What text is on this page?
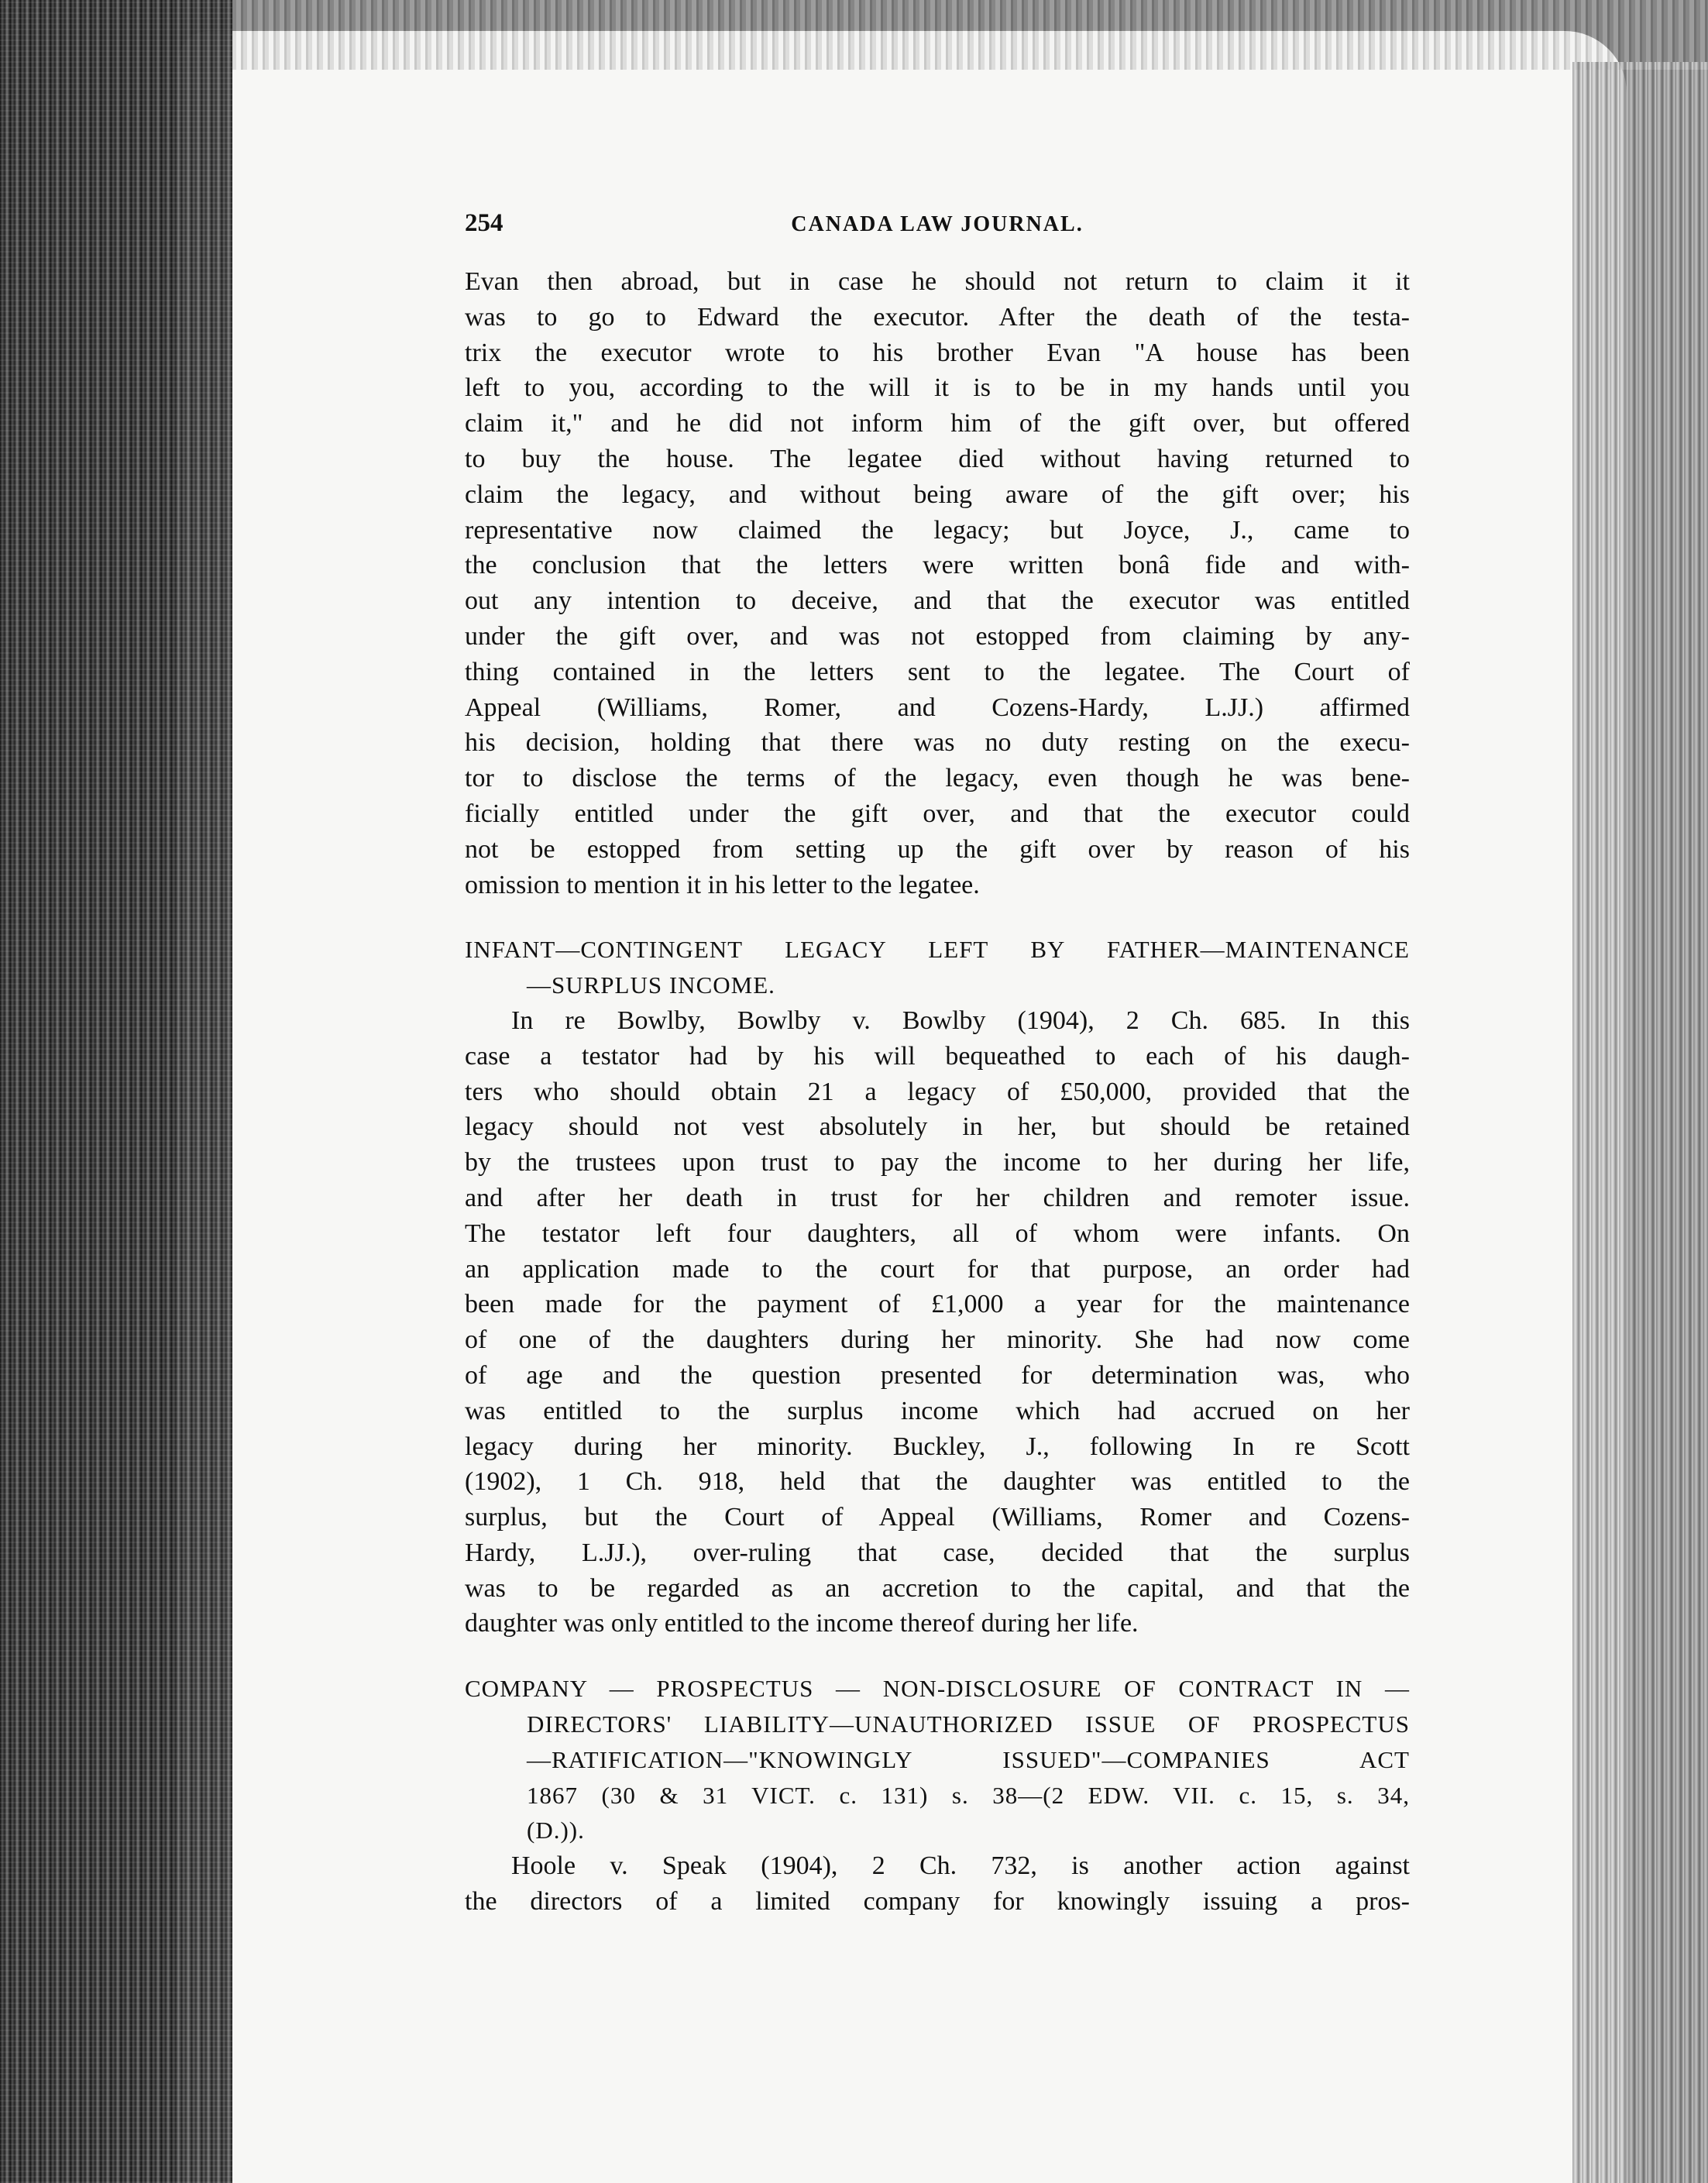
254	CANADA LAW JOURNAL.
Evan then abroad, but in case he should not return to claim it it
was to go to Edward the executor. After the death of the testa-
trix the executor wrote to his brother Evan "A house has been
left to you, according to the will it is to be in my hands until you
claim it," and he did not inform him of the gift over, but offered
to buy the house. The legatee died without having returned to
claim the legacy, and without being aware of the gift over; his
representative now claimed the legacy; but Joyce, J., came to
the conclusion that the letters were written bonâ fide and with-
out any intention to deceive, and that the executor was entitled
under the gift over, and was not estopped from claiming by any-
thing contained in the letters sent to the legatee. The Court of
Appeal (Williams, Romer, and Cozens-Hardy, L.JJ.) affirmed
his decision, holding that there was no duty resting on the execu-
tor to disclose the terms of the legacy, even though he was bene-
ficially entitled under the gift over, and that the executor could
not be estopped from setting up the gift over by reason of his
omission to mention it in his letter to the legatee.
INFANT—CONTINGENT LEGACY LEFT BY FATHER—MAINTENANCE
—SURPLUS INCOME.
In re Bowlby, Bowlby v. Bowlby (1904), 2 Ch. 685. In this
case a testator had by his will bequeathed to each of his daugh-
ters who should obtain 21 a legacy of £50,000, provided that the
legacy should not vest absolutely in her, but should be retained
by the trustees upon trust to pay the income to her during her life,
and after her death in trust for her children and remoter issue.
The testator left four daughters, all of whom were infants. On
an application made to the court for that purpose, an order had
been made for the payment of £1,000 a year for the maintenance
of one of the daughters during her minority. She had now come
of age and the question presented for determination was, who
was entitled to the surplus income which had accrued on her
legacy during her minority. Buckley, J., following In re Scott
(1902), 1 Ch. 918, held that the daughter was entitled to the
surplus, but the Court of Appeal (Williams, Romer and Cozens-
Hardy, L.JJ.), over-ruling that case, decided that the surplus
was to be regarded as an accretion to the capital, and that the
daughter was only entitled to the income thereof during her life.
COMPANY — PROSPECTUS — NON-DISCLOSURE OF CONTRACT IN —
DIRECTORS' LIABILITY—UNAUTHORIZED ISSUE OF PROSPECTUS
—RATIFICATION—"KNOWINGLY ISSUED"—COMPANIES ACT
1867 (30 & 31 VICT. c. 131) s. 38—(2 EDW. VII. c. 15, s. 34,
(D.)).
Hoole v. Speak (1904), 2 Ch. 732, is another action against
the directors of a limited company for knowingly issuing a pros-
